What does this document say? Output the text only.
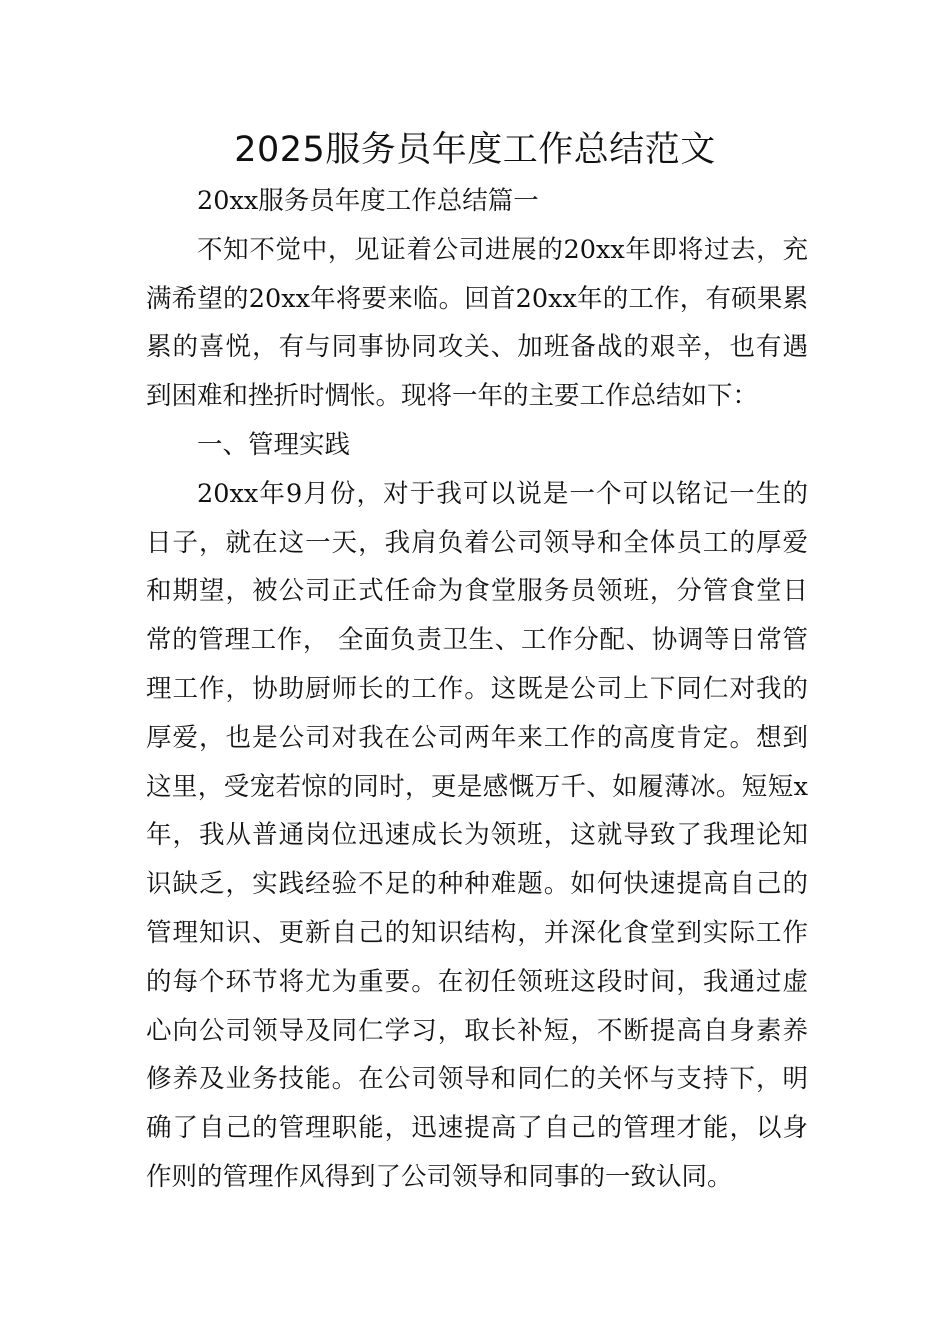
2025服务员年度工作总结范文

20xx服务员年度工作总结篇一

不知不觉中，见证着公司进展的20xx年即将过去，充满希望的20xx年将要来临。回首20xx年的工作，有硕果累累的喜悦，有与同事协同攻关、加班备战的艰辛，也有遇到困难和挫折时惆怅。现将一年的主要工作总结如下：

一、管理实践

20xx年9月份，对于我可以说是一个可以铭记一生的日子，就在这一天，我肩负着公司领导和全体员工的厚爱和期望，被公司正式任命为食堂服务员领班，分管食堂日常的管理工作， 全面负责卫生、工作分配、协调等日常管理工作，协助厨师长的工作。这既是公司上下同仁对我的厚爱，也是公司对我在公司两年来工作的高度肯定。想到这里，受宠若惊的同时，更是感慨万千、如履薄冰。短短x年，我从普通岗位迅速成长为领班，这就导致了我理论知识缺乏，实践经验不足的种种难题。如何快速提高自己的管理知识、更新自己的知识结构，并深化食堂到实际工作的每个环节将尤为重要。在初任领班这段时间，我通过虚心向公司领导及同仁学习，取长补短，不断提高自身素养修养及业务技能。在公司领导和同仁的关怀与支持下，明确了自己的管理职能，迅速提高了自己的管理才能，以身作则的管理作风得到了公司领导和同事的一致认同。
